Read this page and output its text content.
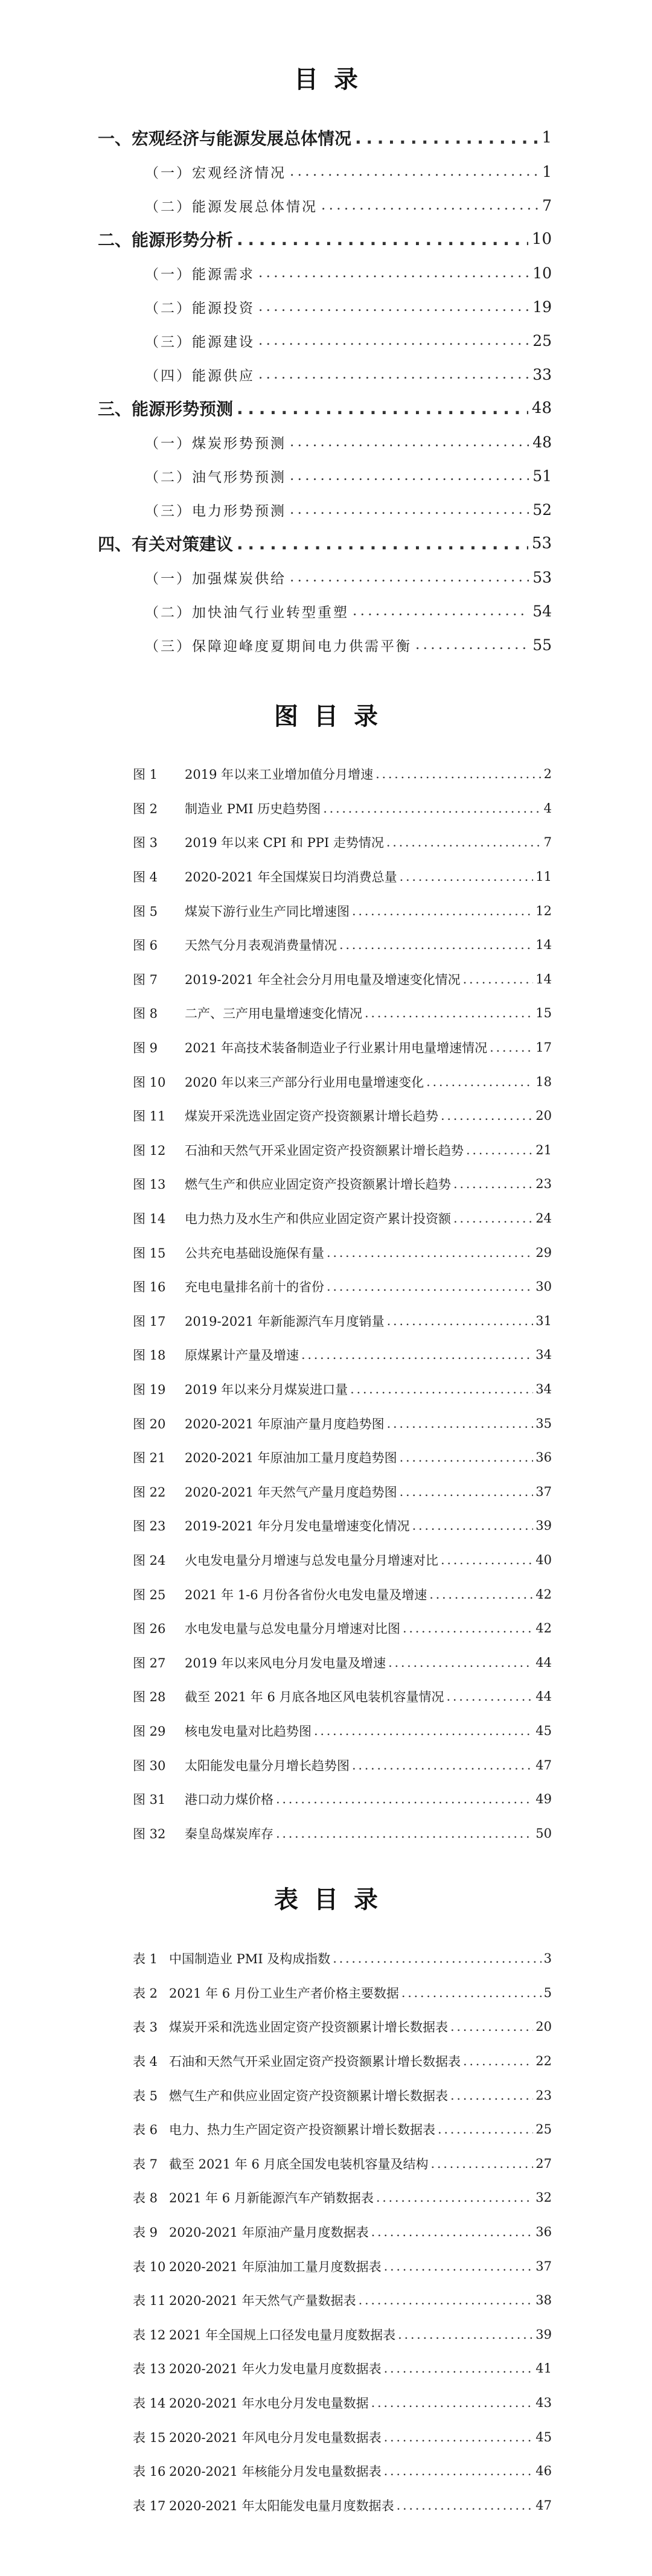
目录
一、宏观经济与能源发展总体情况 . . .	1
（一）宏观经济情况 . . .	1
（二）能源发展总体情况 . . .	7
二、能源形势分析 . . .	10
（一）能源需求 . . .	10
（二）能源投资 . . .	19
（三）能源建设 . . .	25
（四）能源供应 . . .	33
三、能源形势预测 . . .	48
（一）煤炭形势预测 . . .	48
（二）油气形势预测 . . .	51
（三）电力形势预测 . . .	52
四、有关对策建议 . . .	53
（一）加强煤炭供给 . . .	53
（二）加快油气行业转型重塑 . . .	54
（三）保障迎峰度夏期间电力供需平衡 . . .	55
图目录
图 1	2019 年以来工业增加值分月增速 . . .	2
图 2	制造业 PMI 历史趋势图 . . .	4
图 3	2019 年以来 CPI 和 PPI 走势情况 . . .	7
图 4	2020-2021 年全国煤炭日均消费总量 . . .	11
图 5	煤炭下游行业生产同比增速图 . . .	12
图 6	天然气分月表观消费量情况 . . .	14
图 7	2019-2021 年全社会分月用电量及增速变化情况 . . .	14
图 8	二产、三产用电量增速变化情况 . . .	15
图 9	2021 年高技术装备制造业子行业累计用电量增速情况 . . .	17
图 10	2020 年以来三产部分行业用电量增速变化 . . .	18
图 11	煤炭开采洗选业固定资产投资额累计增长趋势 . . .	20
图 12	石油和天然气开采业固定资产投资额累计增长趋势 . . .	21
图 13	燃气生产和供应业固定资产投资额累计增长趋势 . . .	23
图 14	电力热力及水生产和供应业固定资产累计投资额 . . .	24
图 15	公共充电基础设施保有量 . . .	29
图 16	充电电量排名前十的省份 . . .	30
图 17	2019-2021 年新能源汽车月度销量 . . .	31
图 18	原煤累计产量及增速 . . .	34
图 19	2019 年以来分月煤炭进口量 . . .	34
图 20	2020-2021 年原油产量月度趋势图 . . .	35
图 21	2020-2021 年原油加工量月度趋势图 . . .	36
图 22	2020-2021 年天然气产量月度趋势图 . . .	37
图 23	2019-2021 年分月发电量增速变化情况 . . .	39
图 24	火电发电量分月增速与总发电量分月增速对比 . . .	40
图 25	2021 年 1-6 月份各省份火电发电量及增速 . . .	42
图 26	水电发电量与总发电量分月增速对比图 . . .	42
图 27	2019 年以来风电分月发电量及增速 . . .	44
图 28	截至 2021 年 6 月底各地区风电装机容量情况 . . .	44
图 29	核电发电量对比趋势图 . . .	45
图 30	太阳能发电量分月增长趋势图 . . .	47
图 31	港口动力煤价格 . . .	49
图 32	秦皇岛煤炭库存 . . .	50
表目录
表 1 中国制造业 PMI 及构成指数 . . .	3
表 2 2021 年 6 月份工业生产者价格主要数据 . . .	5
表 3 煤炭开采和洗选业固定资产投资额累计增长数据表 . . .	20
表 4 石油和天然气开采业固定资产投资额累计增长数据表 . . .	22
表 5 燃气生产和供应业固定资产投资额累计增长数据表 . . .	23
表 6 电力、热力生产固定资产投资额累计增长数据表 . . .	25
表 7 截至 2021 年 6 月底全国发电装机容量及结构 . . .	27
表 8 2021 年 6 月新能源汽车产销数据表 . . .	32
表 9 2020-2021 年原油产量月度数据表 . . .	36
表 10 2020-2021 年原油加工量月度数据表 . . .	37
表 11 2020-2021 年天然气产量数据表 . . .	38
表 12 2021 年全国规上口径发电量月度数据表 . . .	39
表 13 2020-2021 年火力发电量月度数据表 . . .	41
表 14 2020-2021 年水电分月发电量数据 . . .	43
表 15 2020-2021 年风电分月发电量数据表 . . .	45
表 16 2020-2021 年核能分月发电量数据表 . . .	46
表 17 2020-2021 年太阳能发电量月度数据表 . . .	47
